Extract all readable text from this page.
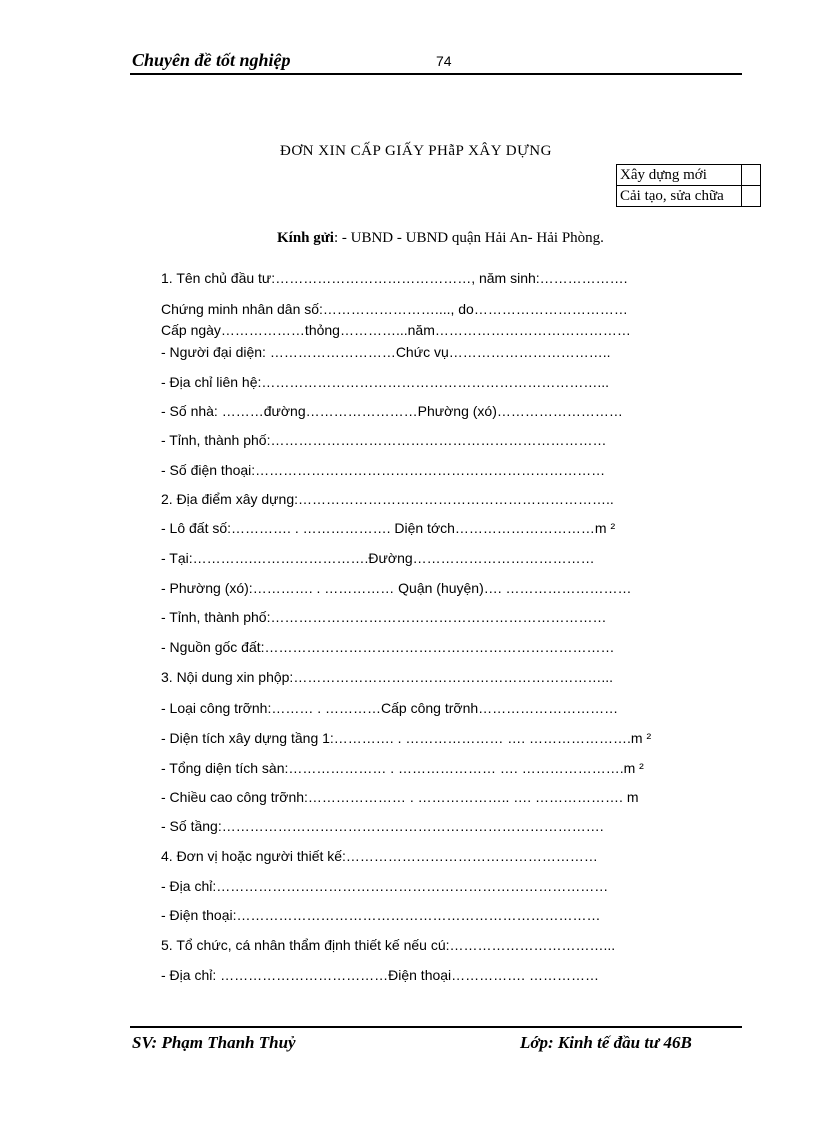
Chuyên đề tốt nghiệp	74
ĐƠN XIN CẤP GIẤY PHẫP XÂY DỰNG
Xây dựng mới	
Cải tạo, sửa chữa	
Kính gửi: - UBND - UBND quận Hải An- Hải Phòng.
1. Tên chủ đầu tư:……………………………………, năm sinh:……………….
Chứng minh nhân dân số:……………………...., do……………………………
Cấp ngày………………thỏng…………...năm……………………………………
- Người đại diện: ………………………Chức vụ……………………………..
- Địa chỉ liên hệ:………………………………………………………………...
- Số nhà: ………đường……………………Phường (xó)………………………
- Tỉnh, thành phố:………………………………………………………………
- Số điện thoại:…………………………………………………………………
2. Địa điểm xây dựng:…………………………………………………………..
- Lô đất số:…………. . ………………. Diện tớch…………………………m ²
- Tại:………….…………………….Đường…………………………………
- Phường (xó):…………. . …………… Quận (huyện)…. ………………………
- Tỉnh, thành phố:………………………………………………………………
- Nguồn gốc đất:…………………………………………………………………
3. Nội dung xin phộp:…………………………………………………………...
- Loại công trỡnh:……… . …………Cấp công trỡnh…………………………
- Diện tích xây dựng tầng 1:…………. . ………………… …. ………………….m ²
- Tổng diện tích sàn:………………… . ………………… …. ………………….m ²
- Chiều cao công trỡnh:………………… . ……………….. …. ………………. m
- Số tầng:……………………………………………………………………….
4. Đơn vị hoặc người thiết kế:………………………………………………
- Địa chỉ:…………………………………………………………………………
- Điện thoại:……………………………………………………………………
5. Tổ chức, cá nhân thẩm định thiết kế nếu cú:……………………………...
- Địa chỉ: ………………………………Điện thoại……………. ……………
SV: Phạm Thanh Thuỷ	Lớp: Kinh tế đầu tư 46B
